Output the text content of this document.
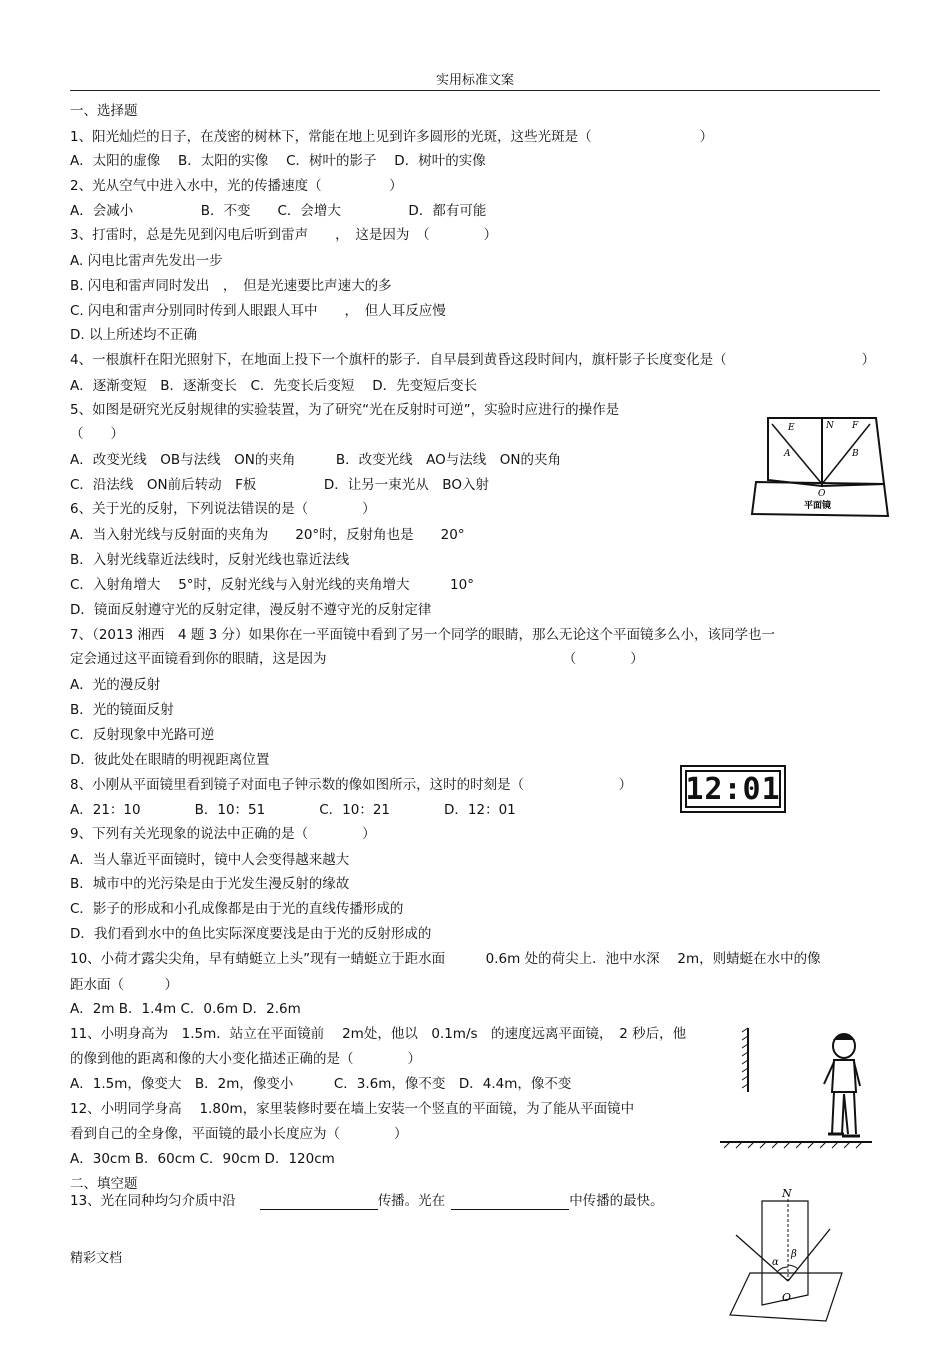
实用标准文案
一、选择题
1、阳光灿烂的日子，在茂密的树林下，常能在地上见到许多圆形的光斑，这些光斑是（　　　　　　　　）
A．太阳的虚像　 B．太阳的实像　 C．树叶的影子　 D．树叶的实像
2、光从空气中进入水中，光的传播速度（　　　　　）
A．会减小　　　　　B．不变　　C．会增大　　　　　D．都有可能
3、打雷时，总是先见到闪电后听到雷声　　，　这是因为　（　　　　）
A. 闪电比雷声先发出一步
B. 闪电和雷声同时发出　，　但是光速要比声速大的多
C. 闪电和雷声分别同时传到人眼跟人耳中　　，　但人耳反应慢
D. 以上所述均不正确
4、一根旗杆在阳光照射下，在地面上投下一个旗杆的影子．自早晨到黄昏这段时间内，旗杆影子长度变化是（　　　　　　　　　　）
A．逐渐变短　B．逐渐变长　C．先变长后变短　 D．先变短后变长
5、如图是研究光反射规律的实验装置，为了研究“光在反射时可逆”，实验时应进行的操作是
（　　）
A．改变光线　OB与法线　ON的夹角　　　B．改变光线　AO与法线　ON的夹角
C．沿法线　ON前后转动　F板　　　　　D．让另一束光从　BO入射
6、关于光的反射，下列说法错误的是（　　　　）
A．当入射光线与反射面的夹角为　　20°时，反射角也是　　20°
B．入射光线靠近法线时，反射光线也靠近法线
C．入射角增大　 5°时，反射光线与入射光线的夹角增大　　　10°
D．镜面反射遵守光的反射定律，漫反射不遵守光的反射定律
7、（2013 湘西　4 题 3 分）如果你在一平面镜中看到了另一个同学的眼睛，那么无论这个平面镜多么小，该同学也一
定会通过这平面镜看到你的眼睛，这是因为　　　　　　　　　　　　　　　　　　（　　　　）
A．光的漫反射
B．光的镜面反射
C．反射现象中光路可逆
D．彼此处在眼睛的明视距离位置
8、小刚从平面镜里看到镜子对面电子钟示数的像如图所示，这时的时刻是（　　　　　　　）
A．21：10　　　　B．10：51　　　　C．10：21　　　　D．12：01
9、下列有关光现象的说法中正确的是（　　　　）
A．当人靠近平面镜时，镜中人会变得越来越大
B．城市中的光污染是由于光发生漫反射的缘故
C．影子的形成和小孔成像都是由于光的直线传播形成的
D．我们看到水中的鱼比实际深度要浅是由于光的反射形成的
10、小荷才露尖尖角，早有蜻蜓立上头”现有一蜻蜓立于距水面　　　0.6m 处的荷尖上．池中水深　 2m，则蜻蜓在水中的像
距水面（　　　）
A．2m B．1.4m C．0.6m D．2.6m
11、小明身高为　1.5m．站立在平面镜前　 2m处，他以　0.1m/s　的速度远离平面镜，　2 秒后，他
的像到他的距离和像的大小变化描述正确的是（　　　　）
A．1.5m，像变大　B．2m，像变小　　　C．3.6m，像不变　D．4.4m，像不变
12、小明同学身高　 1.80m，家里装修时要在墙上安装一个竖直的平面镜，为了能从平面镜中
看到自己的全身像，平面镜的最小长度应为（　　　　）
A．30cm B．60cm C．90cm D．120cm
二、填空题
13、光在同种均匀介质中沿	传播。光在	中传播的最快。
精彩文档
E	N F
A	B
O
平面镜
12:01
N
O
α
β
